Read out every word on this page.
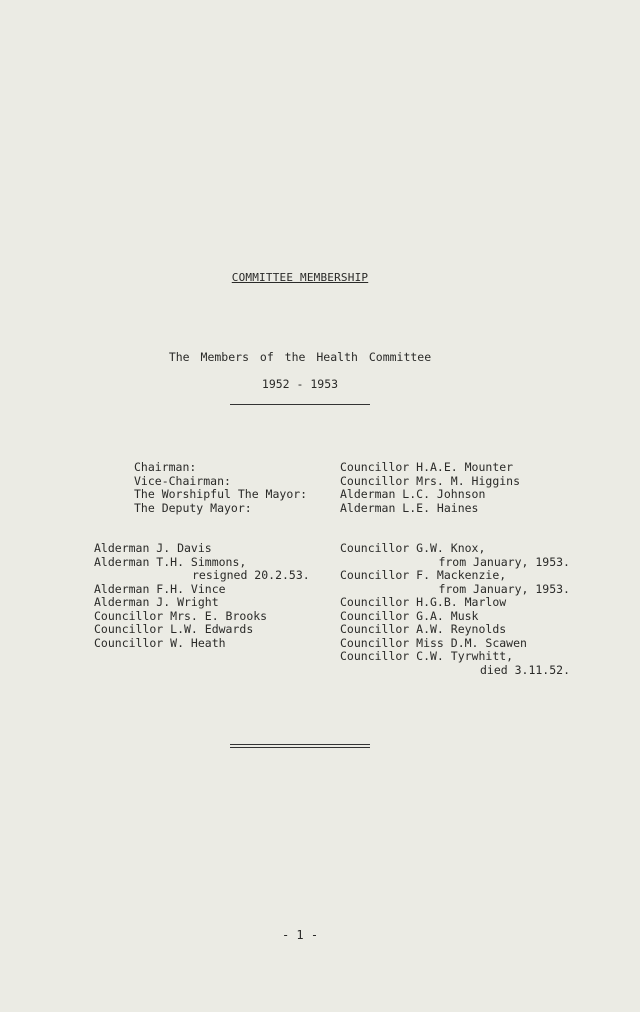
COMMITTEE MEMBERSHIP
The Members of the Health Committee
1952 - 1953
Chairman:
Vice-Chairman:
The Worshipful The Mayor:
The Deputy Mayor:
Councillor H.A.E. Mounter
Councillor Mrs. M. Higgins
Alderman L.C. Johnson
Alderman L.E. Haines
Alderman J. Davis
Alderman T.H. Simmons,
resigned 20.2.53.
Alderman F.H. Vince
Alderman J. Wright
Councillor Mrs. E. Brooks
Councillor L.W. Edwards
Councillor W. Heath
Councillor G.W. Knox,
from January, 1953.
Councillor F. Mackenzie,
from January, 1953.
Councillor H.G.B. Marlow
Councillor G.A. Musk
Councillor A.W. Reynolds
Councillor Miss D.M. Scawen
Councillor C.W. Tyrwhitt,
died 3.11.52.
- 1 -
